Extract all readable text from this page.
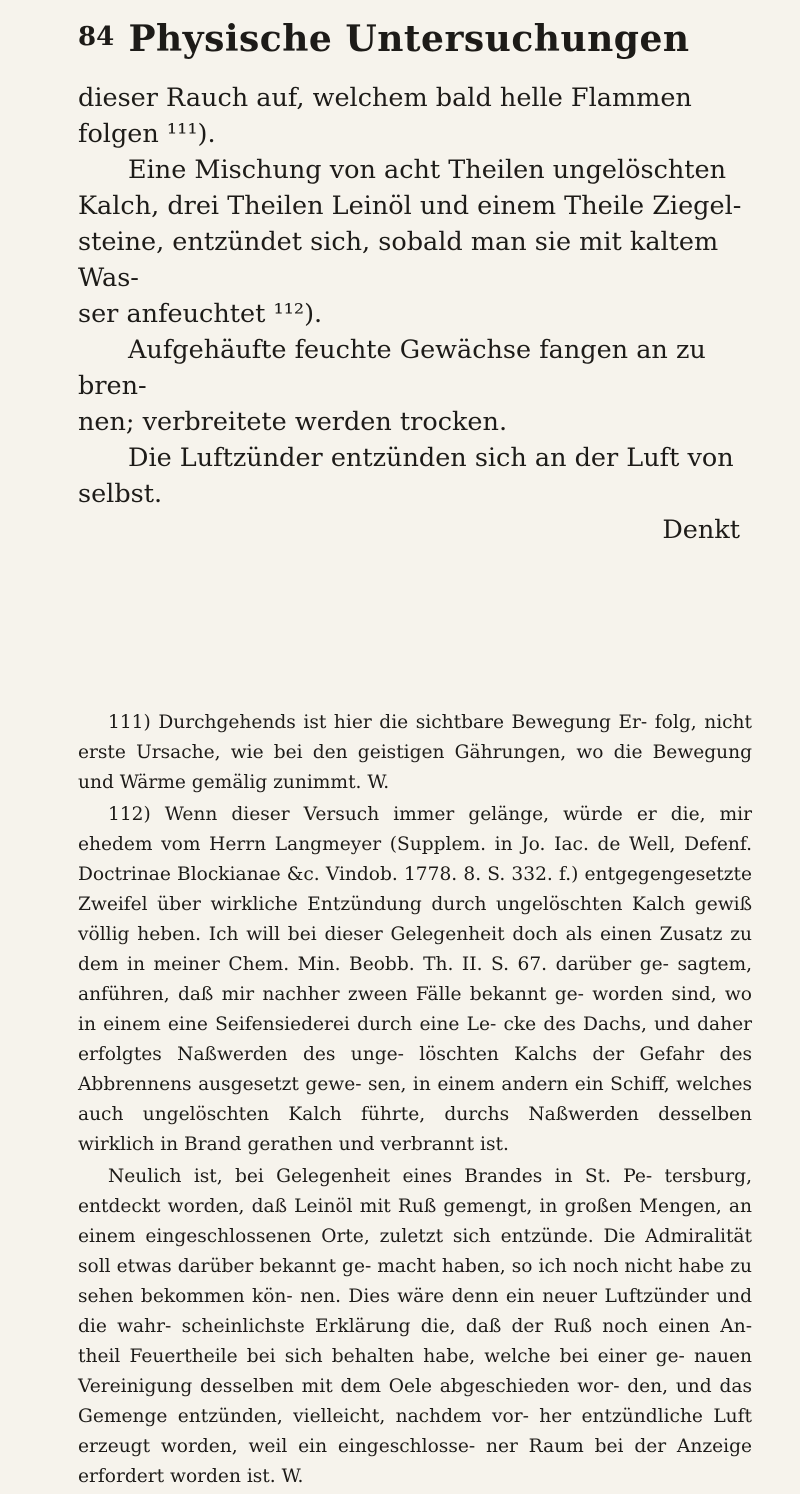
84 Physische Untersuchungen

dieser Rauch auf, welchem bald helle Flammen
folgen ¹¹¹).

Eine Mischung von acht Theilen ungelöschten
Kalch, drei Theilen Leinöl und einem Theile Ziegel-
steine, entzündet sich, sobald man sie mit kaltem Was-
ser anfeuchtet ¹¹²).

Aufgehäufte feuchte Gewächse fangen an zu bren-
nen; verbreitete werden trocken.

Die Luftzünder entzünden sich an der Luft von
selbst.

Denkt

111) Durchgehends ist hier die sichtbare Bewegung Er- folg, nicht erste Ursache, wie bei den geistigen Gährungen, wo die Bewegung und Wärme gemälig zunimmt. W.

112) Wenn dieser Versuch immer gelänge, würde er die, mir ehedem vom Herrn Langmeyer (Supplem. in Jo. Iac. de Well, Defenf. Doctrinae Blockianae &c. Vindob. 1778. 8. S. 332. f.) entgegengesetzte Zweifel über wirkliche Entzündung durch ungelöschten Kalch gewiß völlig heben. Ich will bei dieser Gelegenheit doch als einen Zusatz zu dem in meiner Chem. Min. Beobb. Th. II. S. 67. darüber ge- sagtem, anführen, daß mir nachher zween Fälle bekannt ge- worden sind, wo in einem eine Seifensiederei durch eine Le- cke des Dachs, und daher erfolgtes Naßwerden des unge- löschten Kalchs der Gefahr des Abbrennens ausgesetzt gewe- sen, in einem andern ein Schiff, welches auch ungelöschten Kalch führte, durchs Naßwerden desselben wirklich in Brand gerathen und verbrannt ist.

Neulich ist, bei Gelegenheit eines Brandes in St. Pe- tersburg, entdeckt worden, daß Leinöl mit Ruß gemengt, in großen Mengen, an einem eingeschlossenen Orte, zuletzt sich entzünde. Die Admiralität soll etwas darüber bekannt ge- macht haben, so ich noch nicht habe zu sehen bekommen kön- nen. Dies wäre denn ein neuer Luftzünder und die wahr- scheinlichste Erklärung die, daß der Ruß noch einen An- theil Feuertheile bei sich behalten habe, welche bei einer ge- nauen Vereinigung desselben mit dem Oele abgeschieden wor- den, und das Gemenge entzünden, vielleicht, nachdem vor- her entzündliche Luft erzeugt worden, weil ein eingeschlosse- ner Raum bei der Anzeige erfordert worden ist. W.
